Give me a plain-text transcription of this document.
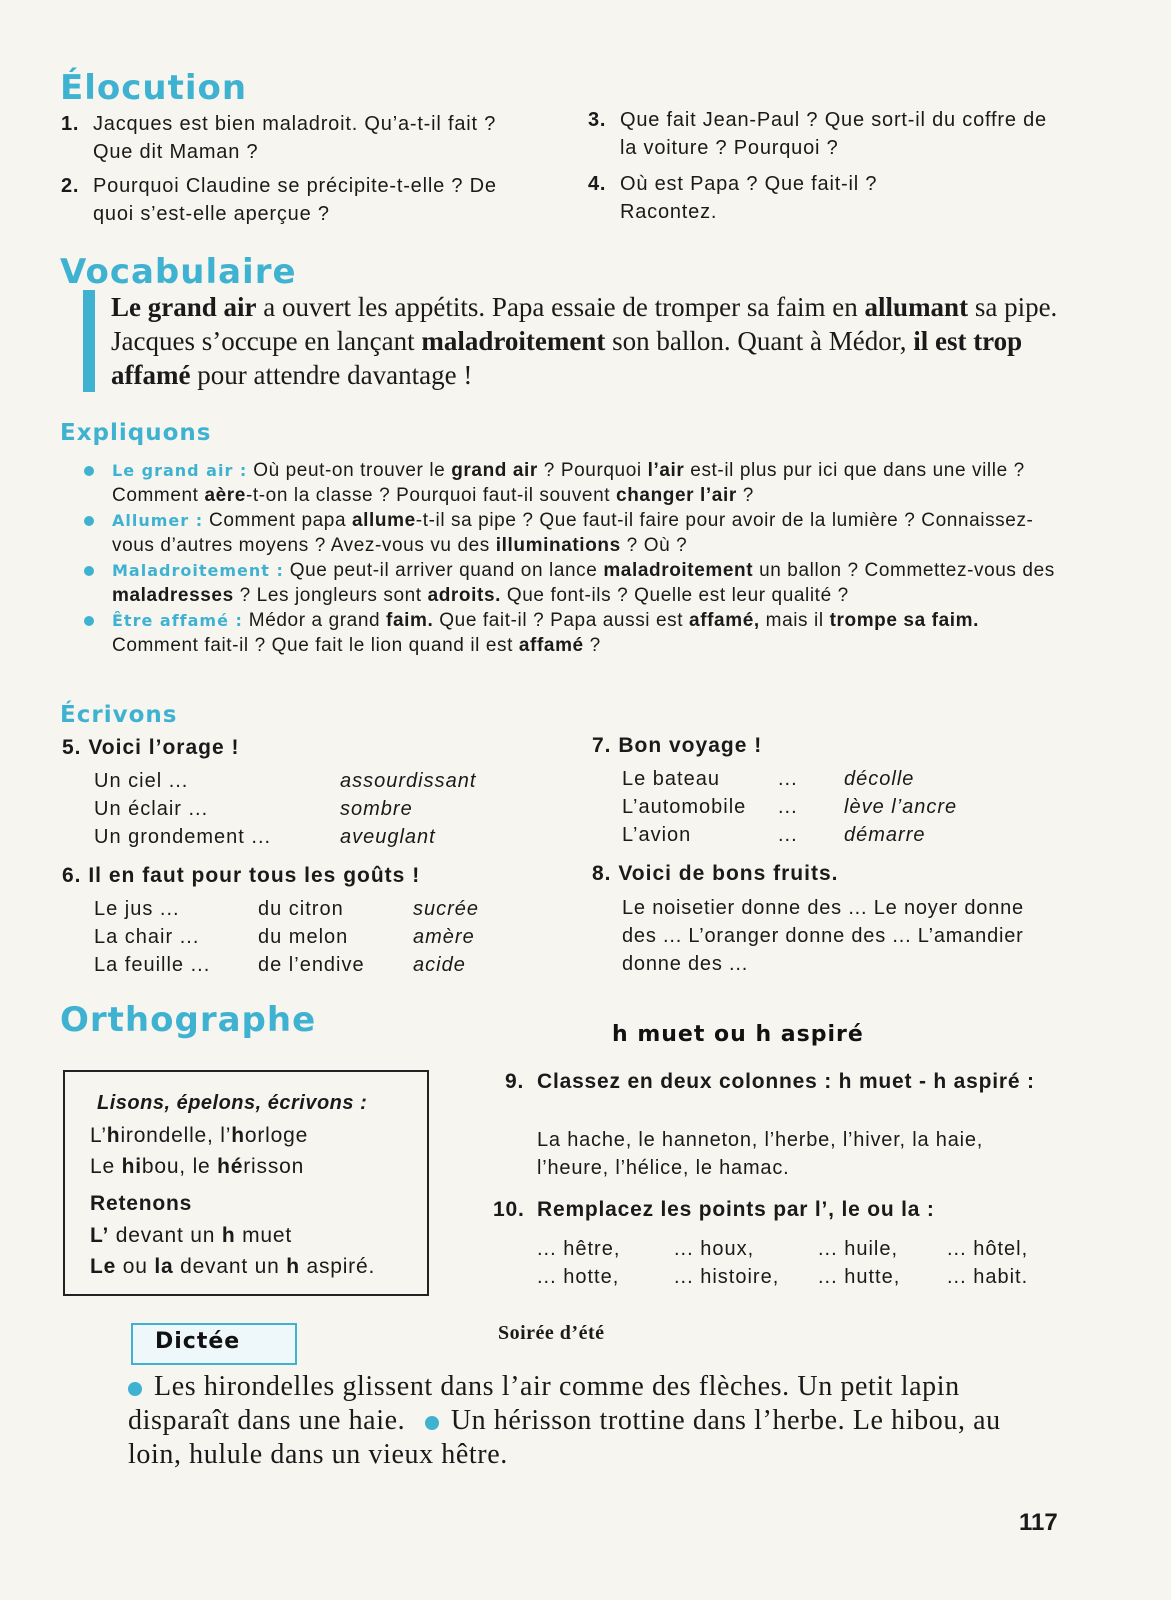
Élocution
1. Jacques est bien maladroit. Qu’a-t-il fait ? Que dit Maman ?
2. Pourquoi Claudine se précipite-t-elle ? De quoi s’est-elle aperçue ?
3. Que fait Jean-Paul ? Que sort-il du coffre de la voiture ? Pourquoi ?
4. Où est Papa ? Que fait-il ? Racontez.
Vocabulaire
Le grand air a ouvert les appétits. Papa essaie de tromper sa faim en allumant sa pipe. Jacques s’occupe en lançant maladroitement son ballon. Quant à Médor, il est trop affamé pour attendre davantage !
Expliquons
Le grand air : Où peut-on trouver le grand air ? Pourquoi l’air est-il plus pur ici que dans une ville ? Comment aère-t-on la classe ? Pourquoi faut-il souvent changer l’air ?
Allumer : Comment papa allume-t-il sa pipe ? Que faut-il faire pour avoir de la lumière ? Connaissez-vous d’autres moyens ? Avez-vous vu des illuminations ? Où ?
Maladroitement : Que peut-il arriver quand on lance maladroitement un ballon ? Commettez-vous des maladresses ? Les jongleurs sont adroits. Que font-ils ? Quelle est leur qualité ?
Être affamé : Médor a grand faim. Que fait-il ? Papa aussi est affamé, mais il trompe sa faim. Comment fait-il ? Que fait le lion quand il est affamé ?
Écrivons
5. Voici l’orage !
Un ciel ...	assourdissant
Un éclair ...	sombre
Un grondement ...	aveuglant
6. Il en faut pour tous les goûts !
Le jus ...	du citron	sucrée
La chair ...	du melon	amère
La feuille ... de l’endive acide
7. Bon voyage !
Le bateau	... décolle
L’automobile ... lève l’ancre
L’avion	... démarre
8. Voici de bons fruits.
Le noisetier donne des ... Le noyer donne des ... L’oranger donne des ... L’amandier donne des ...
Orthographe	h muet ou h aspiré
Lisons, épelons, écrivons :
L’hirondelle, l’horloge
Le hibou, le hérisson
Retenons
L’ devant un h muet
Le ou la devant un h aspiré.
9. Classez en deux colonnes : h muet - h aspiré :
La hache, le hanneton, l’herbe, l’hiver, la haie, l’heure, l’hélice, le hamac.
10. Remplacez les points par l’, le ou la :
... hêtre,	... houx,	... huile, ... hôtel,
... hotte,	... histoire, ... hutte, ... habit.
Dictée	Soirée d’été
Les hirondelles glissent dans l’air comme des flèches. Un petit lapin disparaît dans une haie. Un hérisson trottine dans l’herbe. Le hibou, au loin, hulule dans un vieux hêtre.
117
